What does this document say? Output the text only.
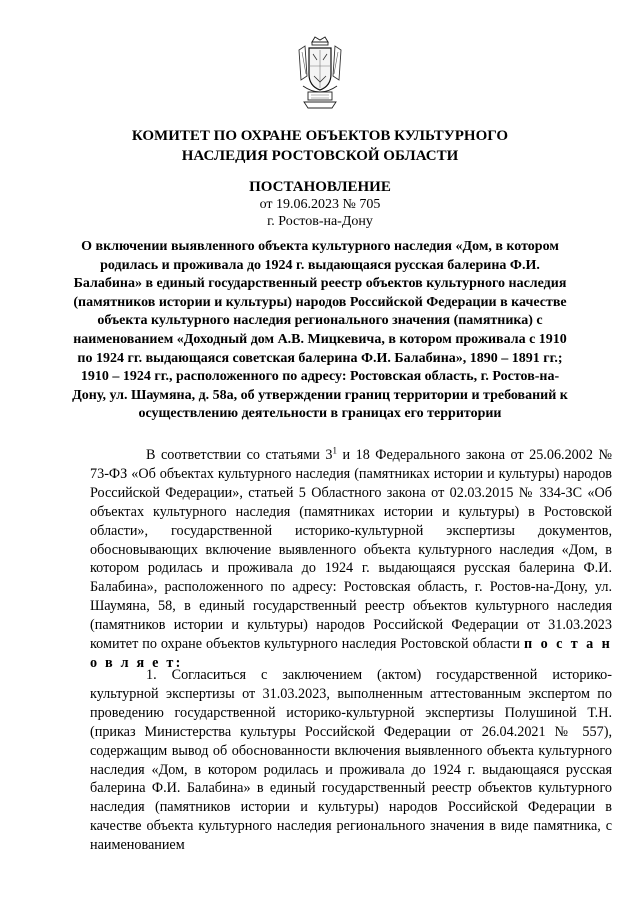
КОМИТЕТ ПО ОХРАНЕ ОБЪЕКТОВ КУЛЬТУРНОГО
НАСЛЕДИЯ РОСТОВСКОЙ ОБЛАСТИ
ПОСТАНОВЛЕНИЕ
от 19.06.2023 № 705
г. Ростов-на-Дону
О включении выявленного объекта культурного наследия «Дом, в котором родилась и проживала до 1924 г. выдающаяся русская балерина Ф.И. Балабина» в единый государственный реестр объектов культурного наследия (памятников истории и культуры) народов Российской Федерации в качестве объекта культурного наследия регионального значения (памятника) с наименованием «Доходный дом А.В. Мицкевича, в котором проживала с 1910 по 1924 гг. выдающаяся советская балерина Ф.И. Балабина», 1890 – 1891 гг.; 1910 – 1924 гг., расположенного по адресу: Ростовская область, г. Ростов-на-Дону, ул. Шаумяна, д. 58а, об утверждении границ территории и требований к осуществлению деятельности в границах его территории
В соответствии со статьями $3^1$ и 18 Федерального закона от 25.06.2002 № 73-ФЗ «Об объектах культурного наследия (памятниках истории и культуры) народов Российской Федерации», статьей 5 Областного закона от 02.03.2015 № 334-ЗС «Об объектах культурного наследия (памятниках истории и культуры) в Ростовской области», государственной историко-культурной экспертизы документов, обосновывающих включение выявленного объекта культурного наследия «Дом, в котором родилась и проживала до 1924 г. выдающаяся русская балерина Ф.И. Балабина», расположенного по адресу: Ростовская область, г. Ростов-на-Дону, ул. Шаумяна, 58, в единый государственный реестр объектов культурного наследия (памятников истории и культуры) народов Российской Федерации от 31.03.2023 комитет по охране объектов культурного наследия Ростовской области п о с т а н о в л я е т:
1. Согласиться с заключением (актом) государственной историко-культурной экспертизы от 31.03.2023, выполненным аттестованным экспертом по проведению государственной историко-культурной экспертизы Полушиной Т.Н. (приказ Министерства культуры Российской Федерации от 26.04.2021 № 557), содержащим вывод об обоснованности включения выявленного объекта культурного наследия «Дом, в котором родилась и проживала до 1924 г. выдающаяся русская балерина Ф.И. Балабина» в единый государственный реестр объектов культурного наследия (памятников истории и культуры) народов Российской Федерации в качестве объекта культурного наследия регионального значения в виде памятника, с наименованием
